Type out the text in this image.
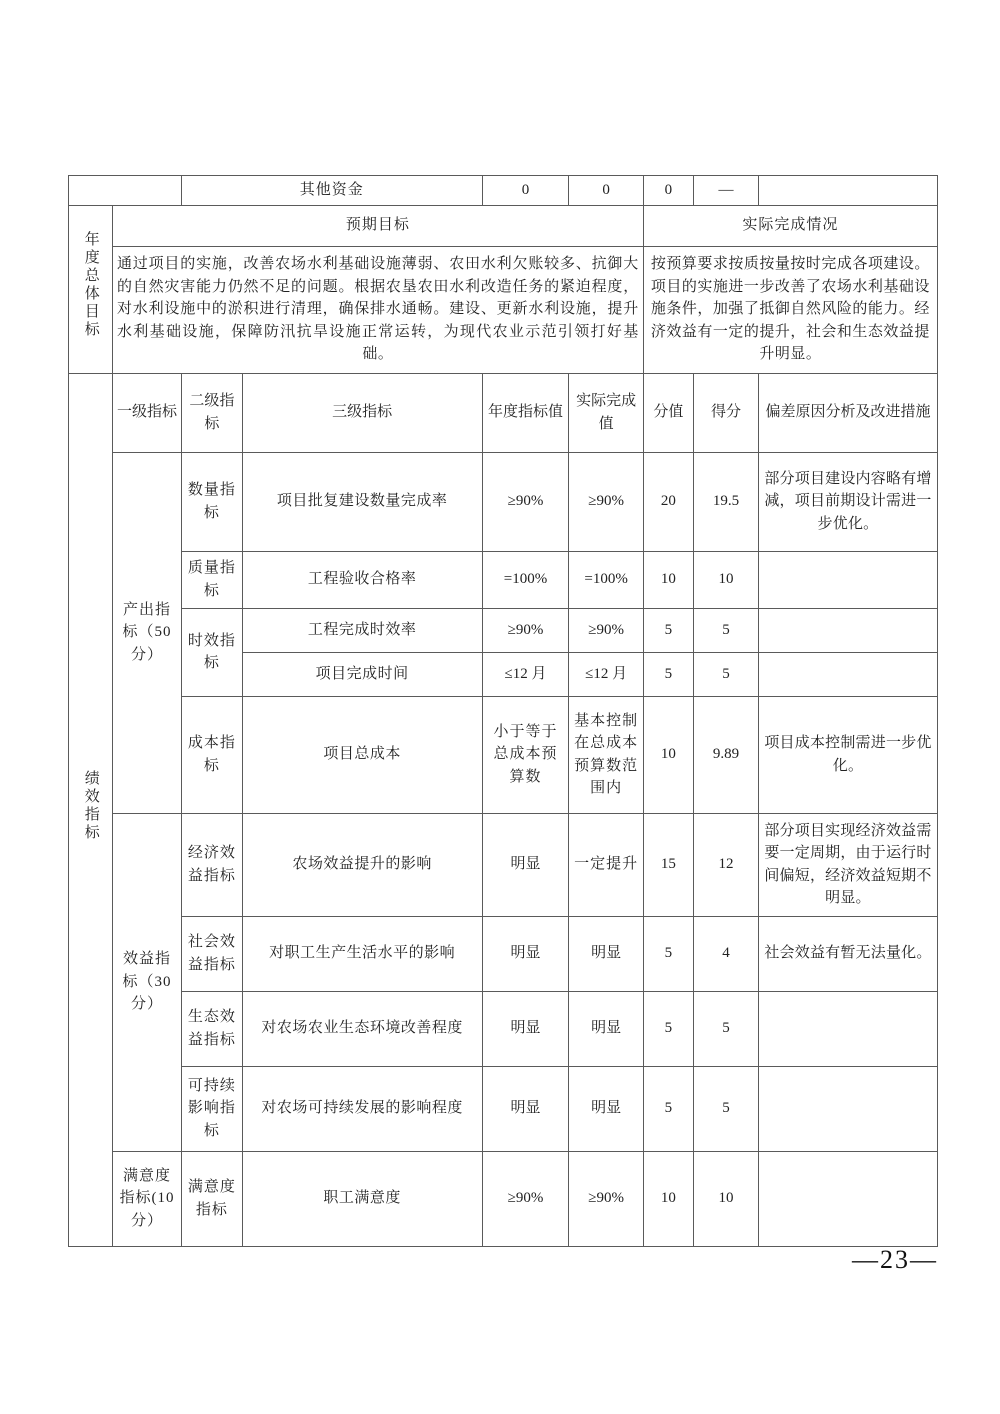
		其他资金		0	0	0	—	
年度总体目标	预期目标					实际完成情况		
	通过项目的实施，改善农场水利基础设施薄弱、农田水利欠账较多、抗御大的自然灾害能力仍然不足的问题。根据农垦农田水利改造任务的紧迫程度，对水利设施中的淤积进行清理，确保排水通畅。建设、更新水利设施，提升水利基础设施，保障防汛抗旱设施正常运转，为现代农业示范引领打好基础。					按预算要求按质按量按时完成各项建设。项目的实施进一步改善了农场水利基础设施条件，加强了抵御自然风险的能力。经济效益有一定的提升，社会和生态效益提升明显。		
绩效指标	一级指标	二级指标	三级指标	年度指标值	实际完成值	分值	得分	偏差原因分析及改进措施
	产出指标（50分）	数量指标	项目批复建设数量完成率	≥90%	≥90%	20	19.5	部分项目建设内容略有增减，项目前期设计需进一步优化。
		质量指标	工程验收合格率	=100%	=100%	10	10	
		时效指标	工程完成时效率	≥90%	≥90%	5	5	
			项目完成时间	≤12 月	≤12 月	5	5	
		成本指标	项目总成本	小于等于总成本预算数	基本控制在总成本预算数范围内	10	9.89	项目成本控制需进一步优化。
	效益指标（30分）	经济效益指标	农场效益提升的影响	明显	一定提升	15	12	部分项目实现经济效益需要一定周期，由于运行时间偏短，经济效益短期不明显。
		社会效益指标	对职工生产生活水平的影响	明显	明显	5	4	社会效益有暂无法量化。
		生态效益指标	对农场农业生态环境改善程度	明显	明显	5	5	
		可持续影响指标	对农场可持续发展的影响程度	明显	明显	5	5	
	满意度指标(10分）	满意度指标	职工满意度	≥90%	≥90%	10	10	
—23—
